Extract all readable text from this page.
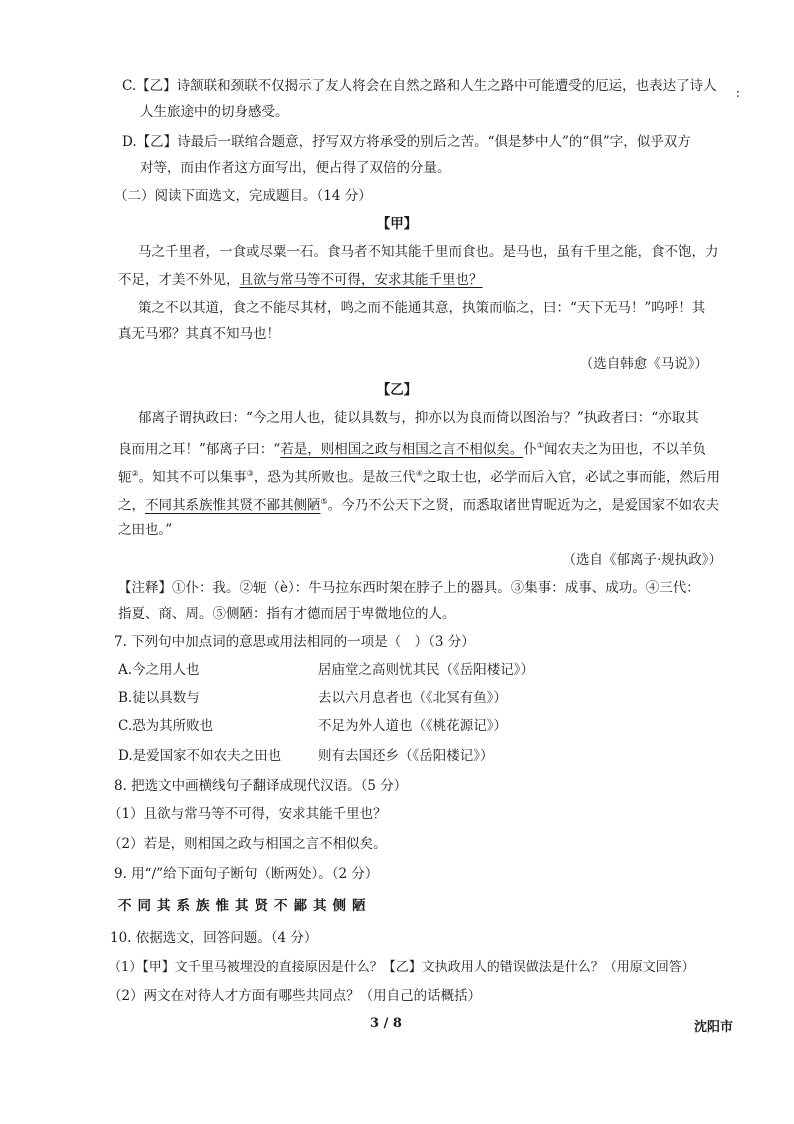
:
C.【乙】诗颔联和颈联不仅揭示了友人将会在自然之路和人生之路中可能遭受的厄运，也表达了诗人
人生旅途中的切身感受。
D.【乙】诗最后一联绾合题意，抒写双方将承受的别后之苦。“俱是梦中人”的“俱”字，似乎双方
对等，而由作者这方面写出，便占得了双倍的分量。
（二）阅读下面选文，完成题目。（14 分）
【甲】
马之千里者，一食或尽粟一石。食马者不知其能千里而食也。是马也，虽有千里之能，食不饱，力
不足，才美不外见，且欲与常马等不可得，安求其能千里也？
策之不以其道，食之不能尽其材，鸣之而不能通其意，执策而临之，曰：“天下无马！”呜呼！其
真无马邪？其真不知马也！
（选自韩愈《马说》）
【乙】
郁离子谓执政曰：“今之用人也，徒以具数与，抑亦以为良而倚以图治与？”执政者曰：“亦取其
良而用之耳！”郁离子曰：“若是，则相国之政与相国之言不相似矣。仆①闻农夫之为田也，不以羊负
轭②。知其不可以集事③，恐为其所败也。是故三代④之取士也，必学而后入官，必试之事而能，然后用
之，不同其系族惟其贤不鄙其侧陋⑤。今乃不公天下之贤，而悉取诸世胄昵近为之，是爱国家不如农夫
之田也。”
（选自《郁离子·规执政》）
【注释】①仆：我。②轭（è）：牛马拉东西时架在脖子上的器具。③集事：成事、成功。④三代：
指夏、商、周。⑤侧陋：指有才德而居于卑微地位的人。
7. 下列句中加点词的意思或用法相同的一项是（　）（3 分）
A.今之用人也	居庙堂之高则忧其民（《岳阳楼记》）
B.徒以具数与	去以六月息者也（《北冥有鱼》）
C.恐为其所败也	不足为外人道也（《桃花源记》）
D.是爱国家不如农夫之田也	则有去国还乡（《岳阳楼记》）
8. 把选文中画横线句子翻译成现代汉语。（5 分）
（1）且欲与常马等不可得，安求其能千里也？
（2）若是，则相国之政与相国之言不相似矣。
9. 用“/”给下面句子断句（断两处）。（2 分）
不同其系族惟其贤不鄙其侧陋
10. 依据选文，回答问题。（4 分）
（1）【甲】文千里马被埋没的直接原因是什么？【乙】文执政用人的错误做法是什么？（用原文回答）
（2）两文在对待人才方面有哪些共同点？（用自己的话概括）
3 / 8	沈阳市
